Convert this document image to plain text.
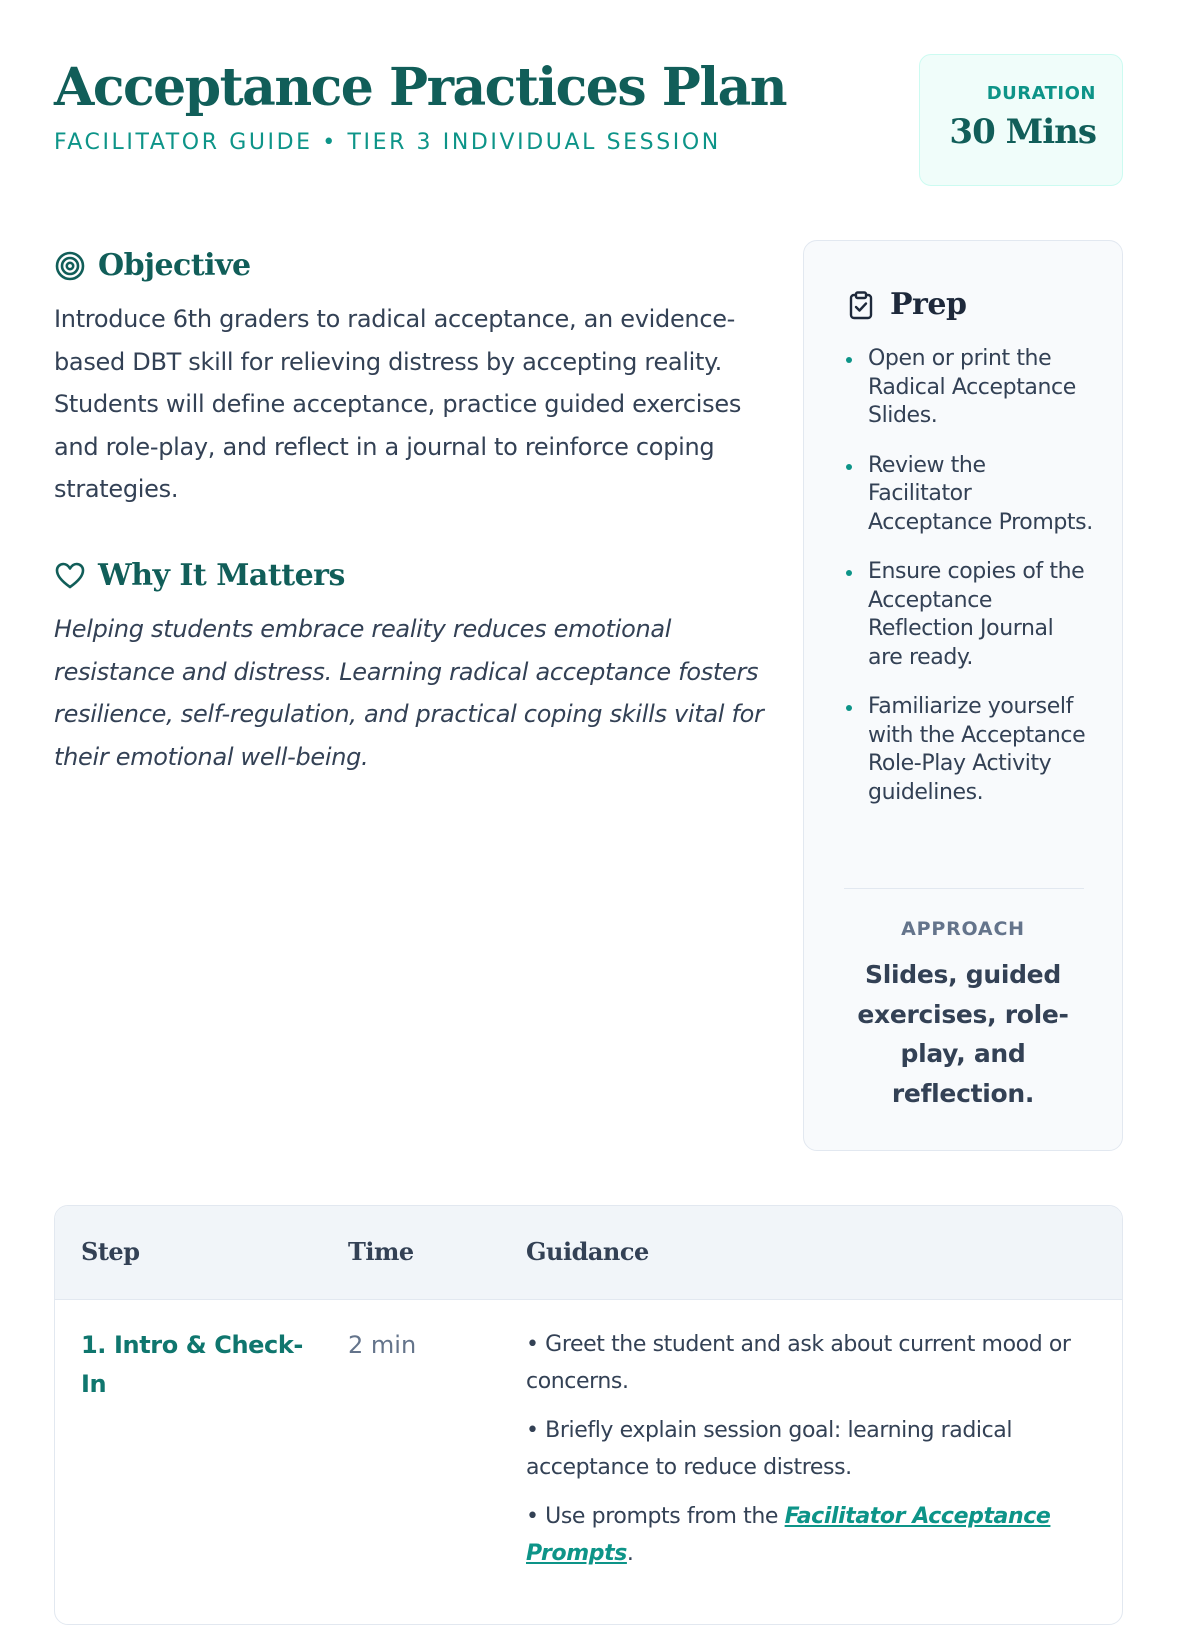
Acceptance Practices Plan
FACILITATOR GUIDE • TIER 3 INDIVIDUAL SESSION
DURATION
30 Mins
Objective

Introduce 6th graders to radical acceptance, an evidence-based DBT skill for relieving distress by accepting reality. Students will define acceptance, practice guided exercises and role-play, and reflect in a journal to reinforce coping strategies.

Why It Matters

Helping students embrace reality reduces emotional resistance and distress. Learning radical acceptance fosters resilience, self-regulation, and practical coping skills vital for their emotional well-being.

Prep
Open or print the Radical Acceptance Slides.
Review the Facilitator Acceptance Prompts.
Ensure copies of the Acceptance Reflection Journal are ready.
Familiarize yourself with the Acceptance Role-Play Activity guidelines.
APPROACH
Slides, guided exercises, role-play, and reflection.
Step	Time	Guidance
1. Intro & Check-In
2 min
•	Greet the student and ask about current mood or concerns.
• Briefly explain session goal: learning radical acceptance to reduce distress.
• Use prompts from the Facilitator Acceptance Prompts.
